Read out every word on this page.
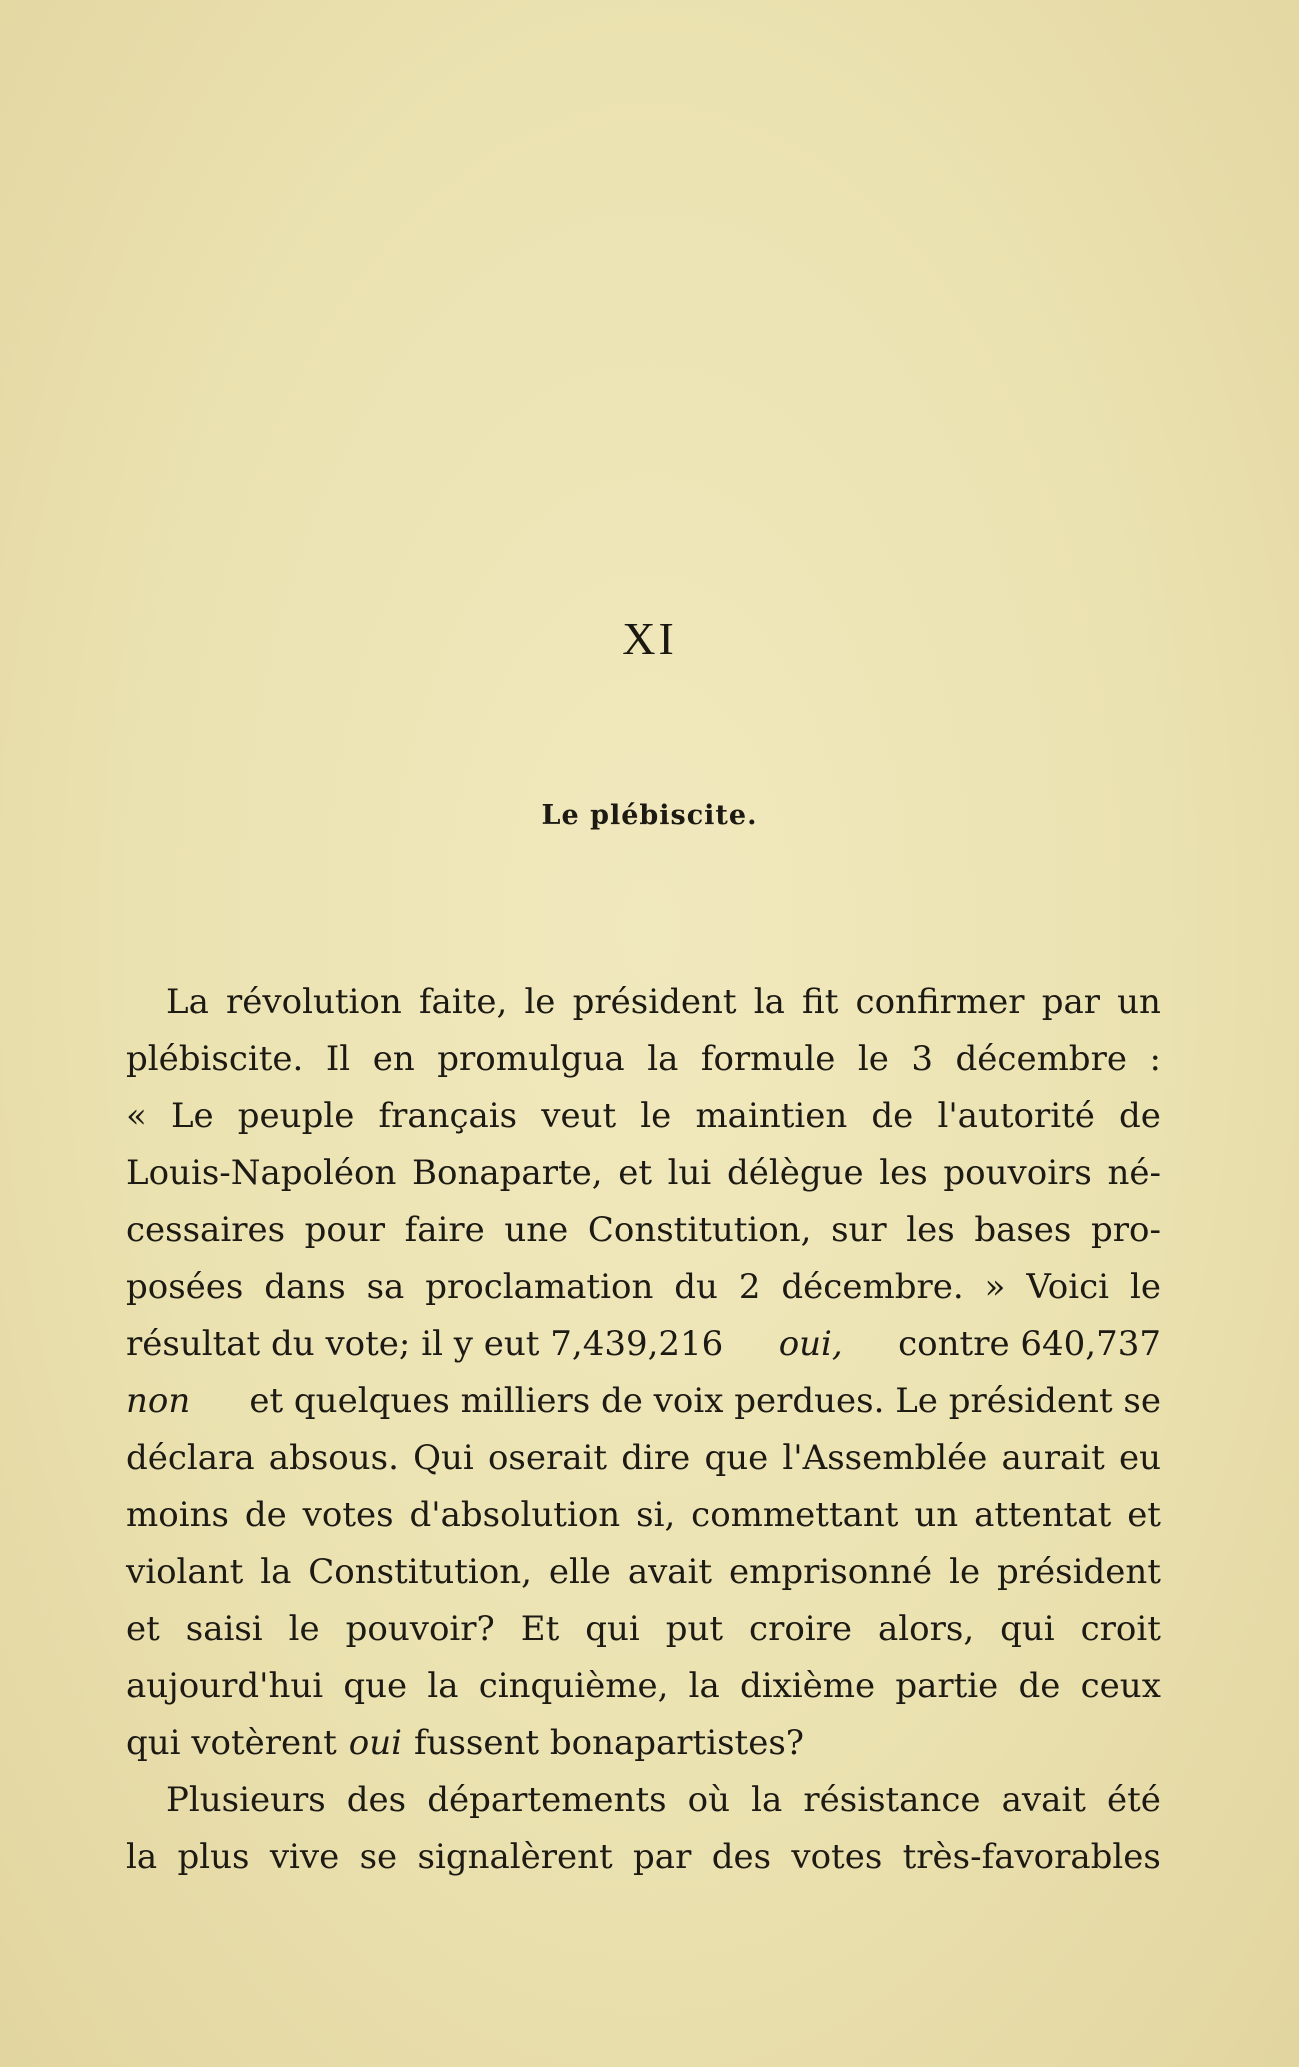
XI
Le plébiscite.
La révolution faite, le président la fit confirmer par un
plébiscite. Il en promulgua la formule le 3 décembre :
« Le peuple français veut le maintien de l'autorité de
Louis-Napoléon Bonaparte, et lui délègue les pouvoirs né-
cessaires pour faire une Constitution, sur les bases pro-
posées dans sa proclamation du 2 décembre. » Voici le
résultat du vote; il y eut 7,439,216 oui, contre 640,737
non et quelques milliers de voix perdues. Le président se
déclara absous. Qui oserait dire que l'Assemblée aurait eu
moins de votes d'absolution si, commettant un attentat et
violant la Constitution, elle avait emprisonné le président
et saisi le pouvoir? Et qui put croire alors, qui croit
aujourd'hui que la cinquième, la dixième partie de ceux
qui votèrent oui fussent bonapartistes?
Plusieurs des départements où la résistance avait été
la plus vive se signalèrent par des votes très-favorables
